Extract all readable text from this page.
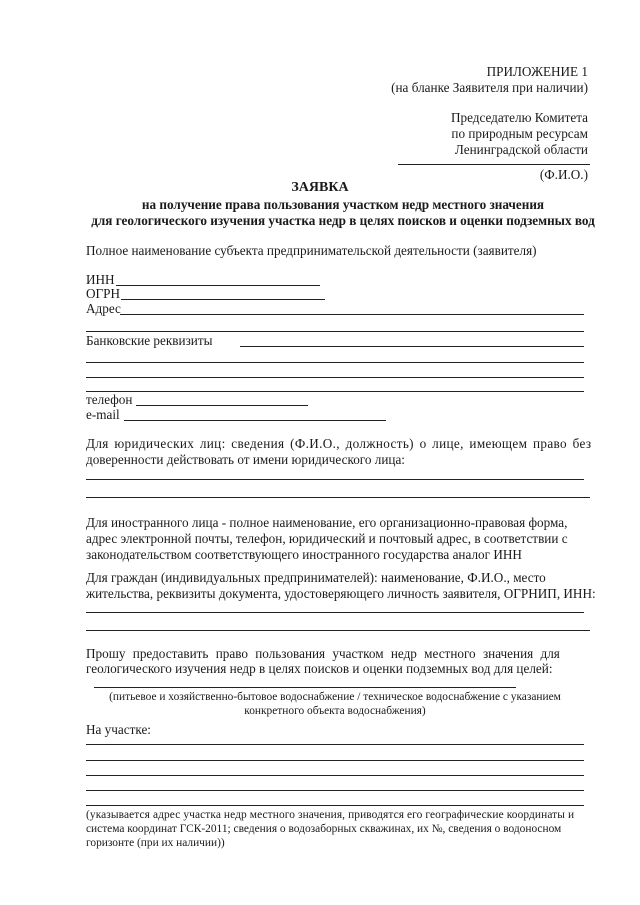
ПРИЛОЖЕНИЕ 1
(на бланке Заявителя при наличии)
Председателю Комитета
по природным ресурсам
Ленинградской области
(Ф.И.О.)
ЗАЯВКА
на получение права пользования участком недр местного значения
для геологического изучения участка недр в целях поисков и оценки подземных вод
Полное наименование субъекта предпринимательской деятельности (заявителя)
ИНН
ОГРН
Адрес
Банковские реквизиты
телефон
e-mail
Для юридических лиц: сведения (Ф.И.О., должность) о лице, имеющем право без
доверенности действовать от имени юридического лица:
Для иностранного лица - полное наименование, его организационно-правовая форма,
адрес электронной почты, телефон, юридический и почтовый адрес, в соответствии с
законодательством соответствующего иностранного государства аналог ИНН
Для граждан (индивидуальных предпринимателей): наименование, Ф.И.О., место
жительства, реквизиты документа, удостоверяющего личность заявителя, ОГРНИП, ИНН:
Прошу предоставить право пользования участком недр местного значения для
геологического изучения недр в целях поисков и оценки подземных вод для целей:
(питьевое и хозяйственно-бытовое водоснабжение / техническое водоснабжение с указанием
конкретного объекта водоснабжения)
На участке:
(указывается адрес участка недр местного значения, приводятся его географические координаты и
система координат ГСК-2011; сведения о водозаборных скважинах, их №, сведения о водоносном
горизонте (при их наличии))
